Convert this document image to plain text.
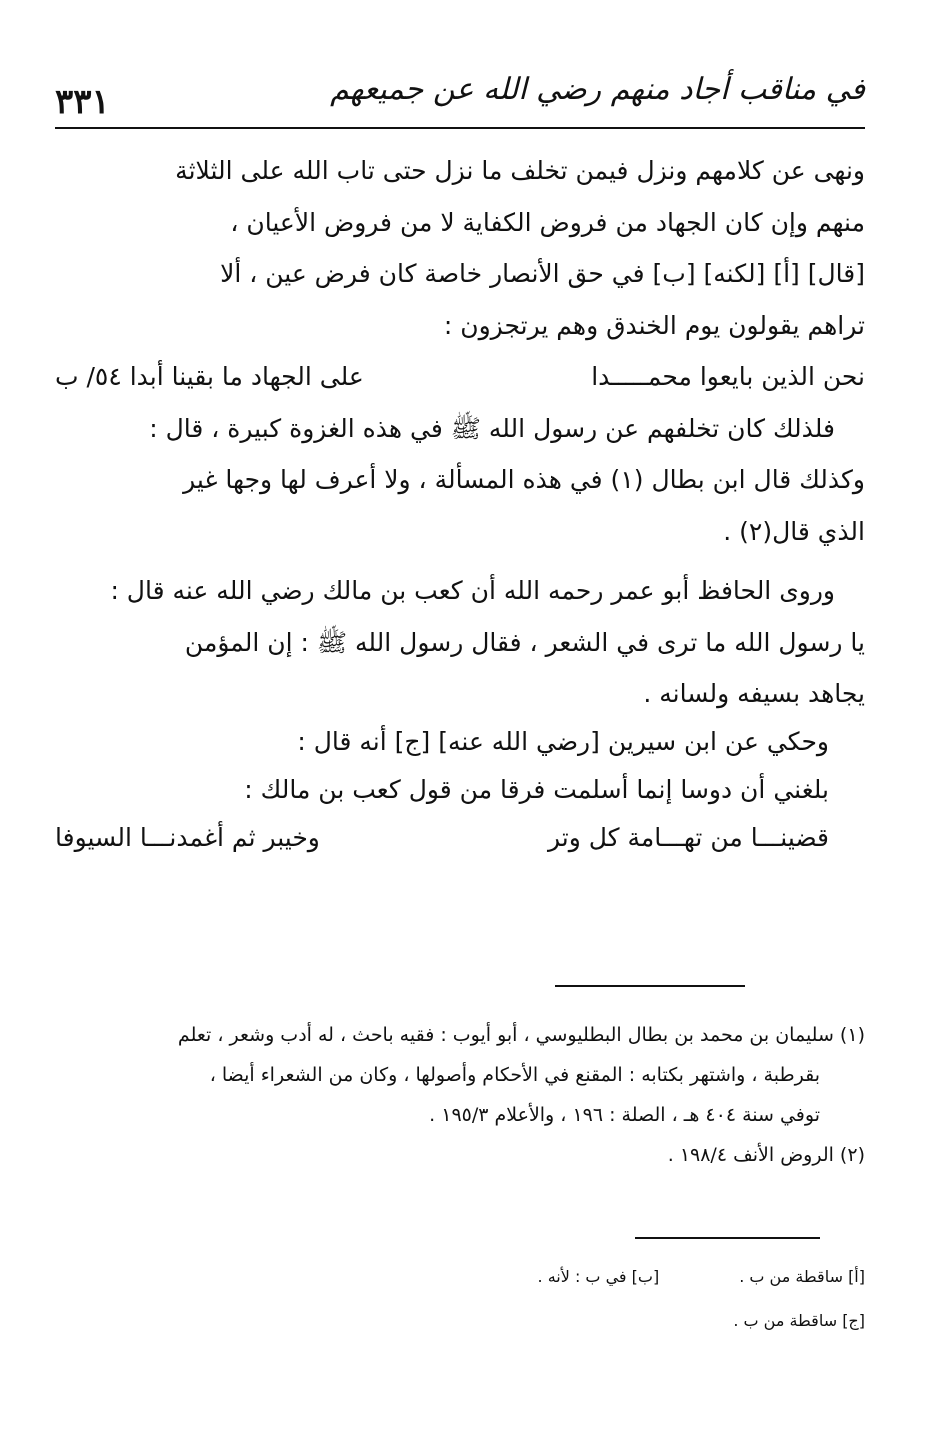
٣٣١	في مناقب أجاد منهم رضي الله عن جميعهم
ونهى عن كلامهم ونزل فيمن تخلف ما نزل حتى تاب الله على الثلاثة
منهم وإن كان الجهاد من فروض الكفاية لا من فروض الأعيان ،
[قال] [أ] [لكنه] [ب] في حق الأنصار خاصة كان فرض عين ، ألا
تراهم يقولون يوم الخندق وهم يرتجزون :
نحن الذين بايعوا محمـــــدا
على الجهاد ما بقينا أبدا ٥٤/ ب
فلذلك كان تخلفهم عن رسول الله ﷺ في هذه الغزوة كبيرة ، قال :
وكذلك قال ابن بطال (١) في هذه المسألة ، ولا أعرف لها وجها غير
الذي قال(٢) .
وروى الحافظ أبو عمر رحمه الله أن كعب بن مالك رضي الله عنه قال :
يا رسول الله ما ترى في الشعر ، فقال رسول الله ﷺ : إن المؤمن
يجاهد بسيفه ولسانه .
وحكي عن ابن سيرين [رضي الله عنه] [ج] أنه قال :
بلغني أن دوسا إنما أسلمت فرقا من قول كعب بن مالك :
قضينـــا من تهـــامة كل وتر
وخيبر ثم أغمدنـــا السيوفا
(١) سليمان بن محمد بن بطال البطليوسي ، أبو أيوب : فقيه باحث ، له أدب وشعر ، تعلم
بقرطبة ، واشتهر بكتابه : المقنع في الأحكام وأصولها ، وكان من الشعراء أيضا ،
توفي سنة ٤٠٤ هـ ، الصلة : ١٩٦ ، والأعلام ١٩٥/٣ .
(٢) الروض الأنف ١٩٨/٤ .
[أ] ساقطة من ب .
[ب] في ب : لأنه .
[ج] ساقطة من ب .
